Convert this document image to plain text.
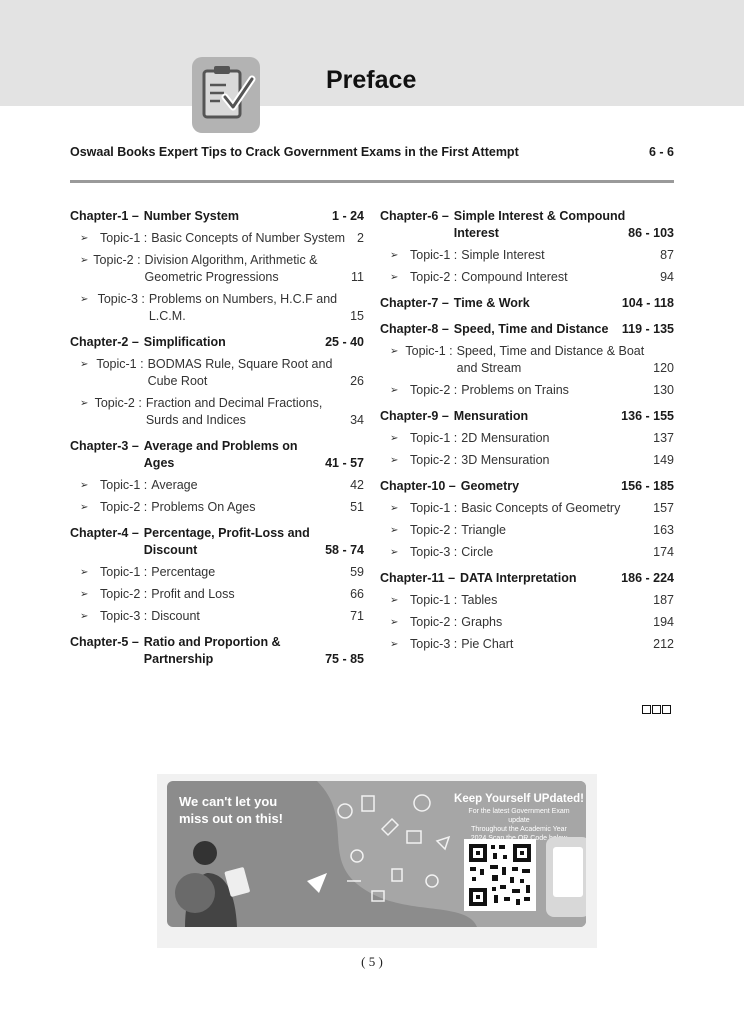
Preface
Oswaal Books Expert Tips to Crack Government Exams in the First Attempt	6 - 6
Chapter-1 – Number System	1 - 24
➢ Topic-1 : Basic Concepts of Number System 2
➢ Topic-2 : Division Algorithm, Arithmetic & Geometric Progressions	11
➢ Topic-3 : Problems on Numbers, H.C.F and L.C.M.	15
Chapter-2 – Simplification	25 - 40
➢ Topic-1 : BODMAS Rule, Square Root and Cube Root	26
➢ Topic-2 : Fraction and Decimal Fractions, Surds and Indices	34
Chapter-3 – Average and Problems on Ages	41 - 57
➢ Topic-1 : Average	42
➢ Topic-2 : Problems On Ages	51
Chapter-4 – Percentage, Profit-Loss and Discount	58 - 74
➢ Topic-1 : Percentage	59
➢ Topic-2 : Profit and Loss	66
➢ Topic-3 : Discount	71
Chapter-5 – Ratio and Proportion & Partnership	75 - 85
Chapter-6 – Simple Interest & Compound Interest	86 - 103
➢ Topic-1 : Simple Interest	87
➢ Topic-2 : Compound Interest	94
Chapter-7 – Time & Work	104 - 118
Chapter-8 – Speed, Time and Distance 119 - 135
➢ Topic-1 : Speed, Time and Distance & Boat and Stream	120
➢ Topic-2 : Problems on Trains	130
Chapter-9 – Mensuration	136 - 155
➢ Topic-1 : 2D Mensuration	137
➢ Topic-2 : 3D Mensuration	149
Chapter-10 – Geometry	156 - 185
➢ Topic-1 : Basic Concepts of Geometry	157
➢ Topic-2 : Triangle	163
➢ Topic-3 : Circle	174
Chapter-11 – DATA Interpretation	186 - 224
➢ Topic-1 : Tables	187
➢ Topic-2 : Graphs	194
➢ Topic-3 : Pie Chart	212
We can't let you
miss out on this!
Keep Yourself UPdated!
For the latest Government Exam update
Throughout the Academic Year
Code
( 5 )
